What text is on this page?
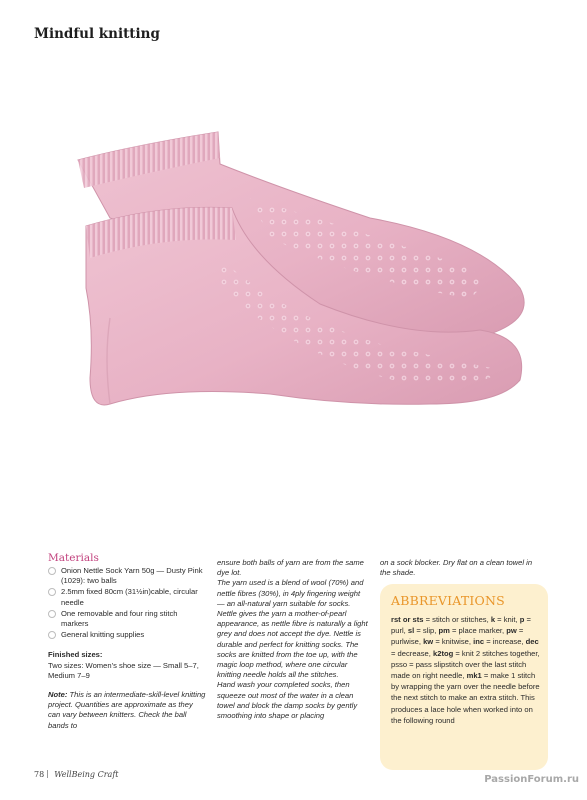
Mindful knitting
Materials
Onion Nettle Sock Yarn 50g — Dusty Pink (1029): two balls
2.5mm fixed 80cm (31½in)cable, circular needle
One removable and four ring stitch markers
General knitting supplies

Finished sizes:

Two sizes: Women’s shoe size — Small 5–7, Medium 7–9

Note: This is an intermediate-skill-level knitting project. Quantities are approximate as they can vary between knitters. Check the ball bands to

ensure both balls of yarn are from the same dye lot.

The yarn used is a blend of wool (70%) and nettle fibres (30%), in 4ply fingering weight — an all-natural yarn suitable for socks. Nettle gives the yarn a mother-of-pearl appearance, as nettle fibre is naturally a light grey and does not accept the dye. Nettle is durable and perfect for knitting socks. The socks are knitted from the toe up, with the magic loop method, where one circular knitting needle holds all the stitches.

Hand wash your completed socks, then squeeze out most of the water in a clean towel and block the damp socks by gently smoothing into shape or placing

on a sock blocker. Dry flat on a clean towel in the shade.

ABBREVIATIONS
rst or sts = stitch or stitches, k = knit, p = purl, sl = slip, pm = place marker, pw = purlwise, kw = knitwise, inc = increase, dec = decrease, k2tog = knit 2 stitches together, psso = pass slipstitch over the last stitch made on right needle, mk1 = make 1 stitch by wrapping the yarn over the needle before the next stitch to make an extra stitch. This produces a lace hole when worked into on the following round
78 WellBeing Craft	PassionForum.ru
